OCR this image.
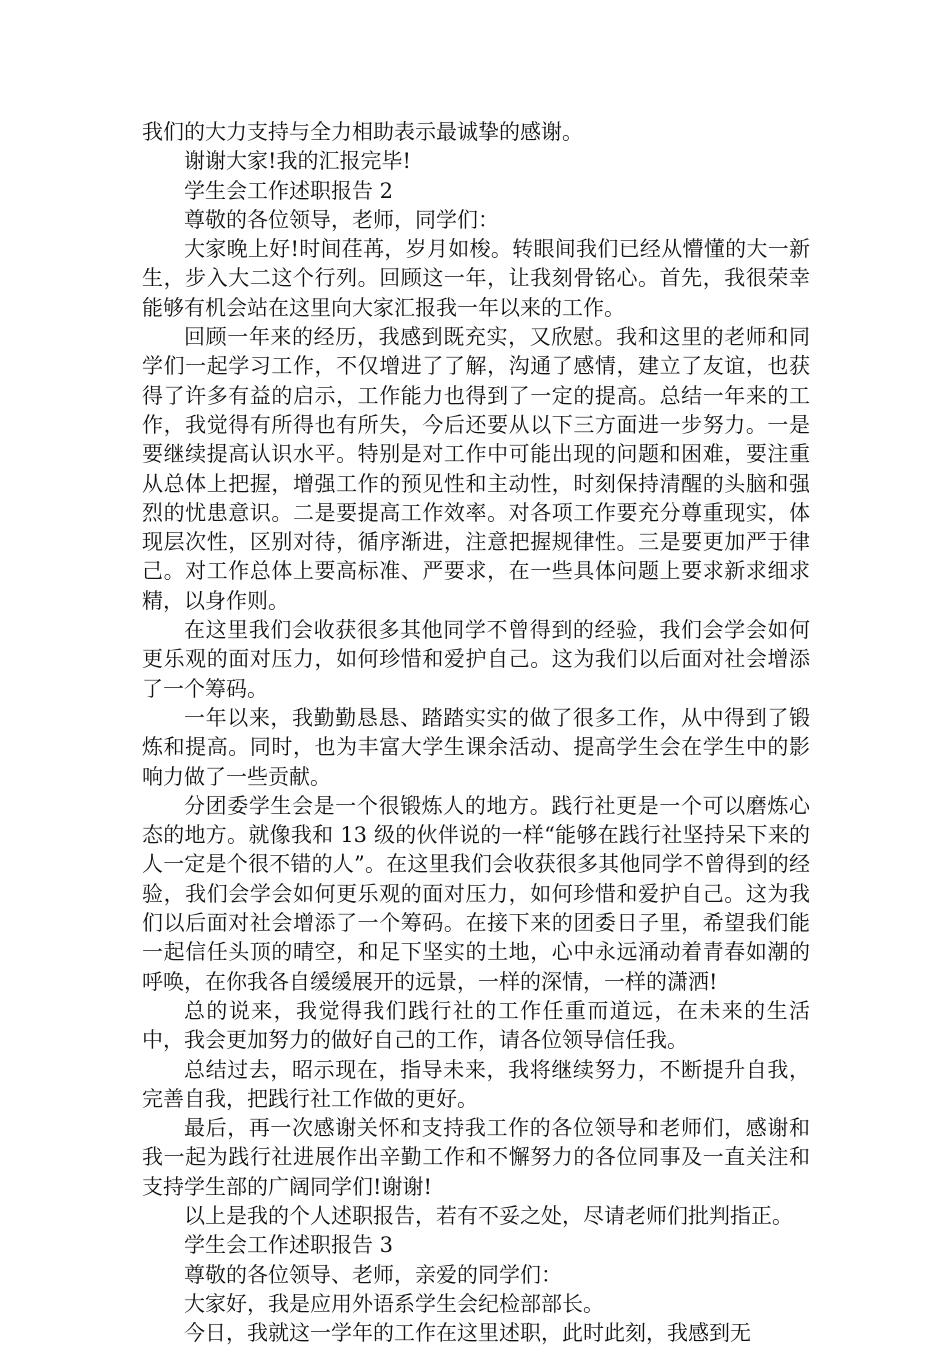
我们的大力支持与全力相助表示最诚挚的感谢。

谢谢大家!我的汇报完毕!

学生会工作述职报告 2

尊敬的各位领导，老师，同学们：

大家晚上好!时间荏苒，岁月如梭。转眼间我们已经从懵懂的大一新生，步入大二这个行列。回顾这一年，让我刻骨铭心。首先，我很荣幸能够有机会站在这里向大家汇报我一年以来的工作。

回顾一年来的经历，我感到既充实，又欣慰。我和这里的老师和同学们一起学习工作，不仅增进了了解，沟通了感情，建立了友谊，也获得了许多有益的启示，工作能力也得到了一定的提高。总结一年来的工作，我觉得有所得也有所失，今后还要从以下三方面进一步努力。一是要继续提高认识水平。特别是对工作中可能出现的问题和困难，要注重从总体上把握，增强工作的预见性和主动性，时刻保持清醒的头脑和强烈的忧患意识。二是要提高工作效率。对各项工作要充分尊重现实，体现层次性，区别对待，循序渐进，注意把握规律性。三是要更加严于律己。对工作总体上要高标准、严要求，在一些具体问题上要求新求细求精，以身作则。

在这里我们会收获很多其他同学不曾得到的经验，我们会学会如何更乐观的面对压力，如何珍惜和爱护自己。这为我们以后面对社会增添了一个筹码。

一年以来，我勤勤恳恳、踏踏实实的做了很多工作，从中得到了锻炼和提高。同时，也为丰富大学生课余活动、提高学生会在学生中的影响力做了一些贡献。

分团委学生会是一个很锻炼人的地方。践行社更是一个可以磨炼心态的地方。就像我和 13 级的伙伴说的一样“能够在践行社坚持呆下来的人一定是个很不错的人”。在这里我们会收获很多其他同学不曾得到的经验，我们会学会如何更乐观的面对压力，如何珍惜和爱护自己。这为我们以后面对社会增添了一个筹码。在接下来的团委日子里，希望我们能一起信任头顶的晴空，和足下坚实的土地，心中永远涌动着青春如潮的呼唤，在你我各自缓缓展开的远景，一样的深情，一样的潇洒!

总的说来，我觉得我们践行社的工作任重而道远，在未来的生活中，我会更加努力的做好自己的工作，请各位领导信任我。

总结过去，昭示现在，指导未来，我将继续努力，不断提升自我，完善自我，把践行社工作做的更好。

最后，再一次感谢关怀和支持我工作的各位领导和老师们，感谢和我一起为践行社进展作出辛勤工作和不懈努力的各位同事及一直关注和支持学生部的广阔同学们!谢谢!

以上是我的个人述职报告，若有不妥之处，尽请老师们批判指正。

学生会工作述职报告 3

尊敬的各位领导、老师，亲爱的同学们：

大家好，我是应用外语系学生会纪检部部长。

今日，我就这一学年的工作在这里述职，此时此刻，我感到无
